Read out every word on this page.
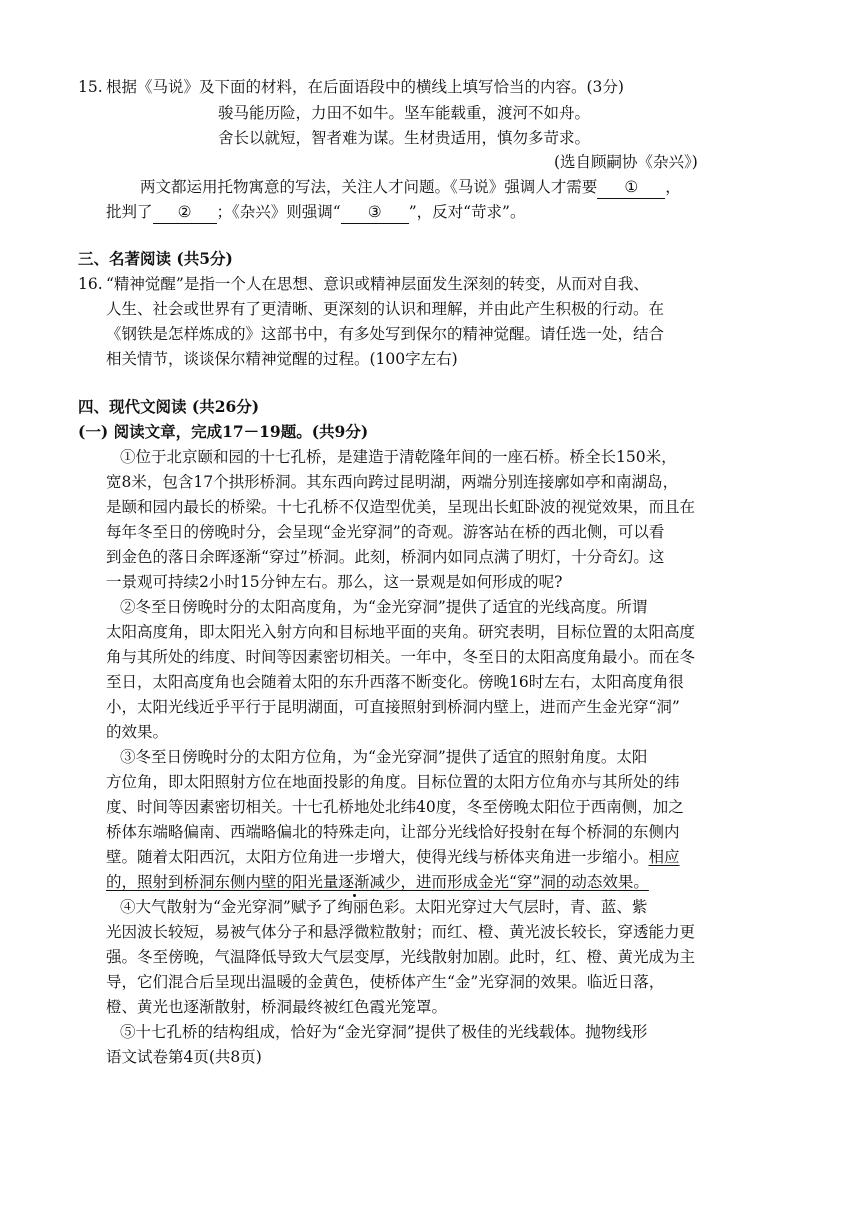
15. 根据《马说》及下面的材料，在后面语段中的横线上填写恰当的内容。(3分)
骏马能历险，力田不如牛。坚车能载重，渡河不如舟。
舍长以就短，智者难为谋。生材贵适用，慎勿多苛求。
(选自顾嗣协《杂兴》)
两文都运用托物寓意的写法，关注人才问题。《马说》强调人才需要 ① ，
批判了 ② ；《杂兴》则强调“ ③ ”，反对“苛求”。
三、名著阅读 (共5分)
16. “精神觉醒”是指一个人在思想、意识或精神层面发生深刻的转变，从而对自我、
人生、社会或世界有了更清晰、更深刻的认识和理解，并由此产生积极的行动。在
《钢铁是怎样炼成的》这部书中，有多处写到保尔的精神觉醒。请任选一处，结合
相关情节，谈谈保尔精神觉醒的过程。(100字左右)
四、现代文阅读 (共26分)
(一) 阅读文章，完成17－19题。(共9分)
①位于北京颐和园的十七孔桥，是建造于清乾隆年间的一座石桥。桥全长150米，
宽8米，包含17个拱形桥洞。其东西向跨过昆明湖，两端分别连接廓如亭和南湖岛，
是颐和园内最长的桥梁。十七孔桥不仅造型优美，呈现出长虹卧波的视觉效果，而且在
每年冬至日的傍晚时分，会呈现“金光穿洞”的奇观。游客站在桥的西北侧，可以看
到金色的落日余晖逐渐“穿过”桥洞。此刻，桥洞内如同点满了明灯，十分奇幻。这
一景观可持续2小时15分钟左右。那么，这一景观是如何形成的呢?
②冬至日傍晚时分的太阳高度角，为“金光穿洞”提供了适宜的光线高度。所谓
太阳高度角，即太阳光入射方向和目标地平面的夹角。研究表明，目标位置的太阳高度
角与其所处的纬度、时间等因素密切相关。一年中，冬至日的太阳高度角最小。而在冬
至日，太阳高度角也会随着太阳的东升西落不断变化。傍晚16时左右，太阳高度角很
小，太阳光线近乎平行于昆明湖面，可直接照射到桥洞内壁上，进而产生金光穿“洞”
的效果。
③冬至日傍晚时分的太阳方位角，为“金光穿洞”提供了适宜的照射角度。太阳
方位角，即太阳照射方位在地面投影的角度。目标位置的太阳方位角亦与其所处的纬
度、时间等因素密切相关。十七孔桥地处北纬40度，冬至傍晚太阳位于西南侧，加之
桥体东端略偏南、西端略偏北的特殊走向，让部分光线恰好投射在每个桥洞的东侧内
壁。随着太阳西沉，太阳方位角进一步增大，使得光线与桥体夹角进一步缩小。相应
的，照射到桥洞东侧内壁的阳光量逐渐减少，进而形成金光“穿”洞的动态效果。
④大气散射为“金光穿洞”赋予了绚丽色彩。太阳光穿过大气层时，青、蓝、紫
光因波长较短，易被气体分子和悬浮微粒散射；而红、橙、黄光波长较长，穿透能力更
强。冬至傍晚，气温降低导致大气层变厚，光线散射加剧。此时，红、橙、黄光成为主
导，它们混合后呈现出温暖的金黄色，使桥体产生“金”光穿洞的效果。临近日落，
橙、黄光也逐渐散射，桥洞最终被红色霞光笼罩。
⑤十七孔桥的结构组成，恰好为“金光穿洞”提供了极佳的光线载体。抛物线形
语文试卷第4页(共8页)
